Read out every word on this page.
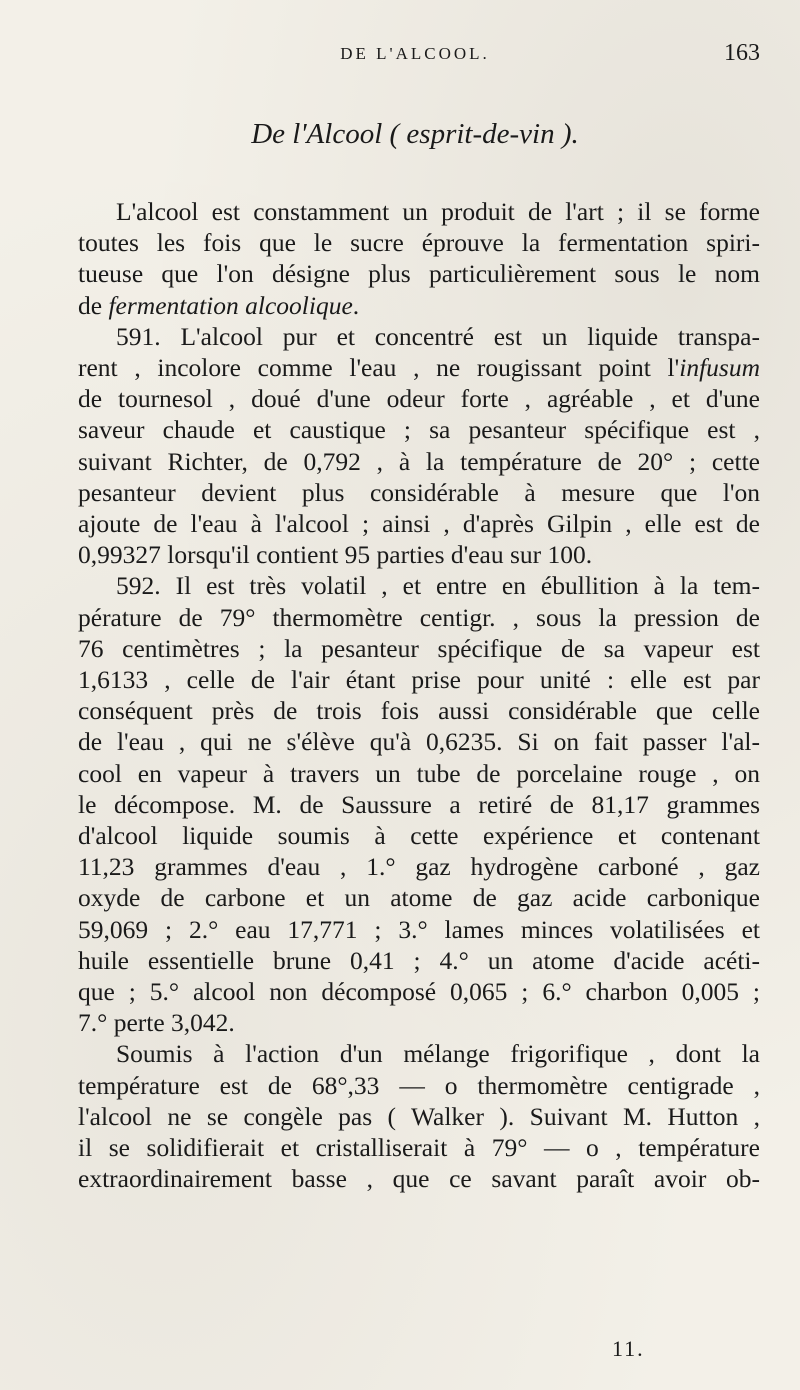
DE L'ALCOOL.	163
De l'Alcool ( esprit-de-vin ).

L'alcool est constamment un produit de l'art ; il se forme
toutes les fois que le sucre éprouve la fermentation spiri-
tueuse que l'on désigne plus particulièrement sous le nom
de fermentation alcoolique.

591. L'alcool pur et concentré est un liquide transpa-
rent , incolore comme l'eau , ne rougissant point l'infusum
de tournesol , doué d'une odeur forte , agréable , et d'une
saveur chaude et caustique ; sa pesanteur spécifique est ,
suivant Richter, de 0,792 , à la température de 20° ; cette
pesanteur devient plus considérable à mesure que l'on
ajoute de l'eau à l'alcool ; ainsi , d'après Gilpin , elle est de
0,99327 lorsqu'il contient 95 parties d'eau sur 100.

592. Il est très volatil , et entre en ébullition à la tem-
pérature de 79° thermomètre centigr. , sous la pression de
76 centimètres ; la pesanteur spécifique de sa vapeur est
1,6133 , celle de l'air étant prise pour unité : elle est par
conséquent près de trois fois aussi considérable que celle
de l'eau , qui ne s'élève qu'à 0,6235. Si on fait passer l'al-
cool en vapeur à travers un tube de porcelaine rouge , on
le décompose. M. de Saussure a retiré de 81,17 grammes
d'alcool liquide soumis à cette expérience et contenant
11,23 grammes d'eau , 1.° gaz hydrogène carboné , gaz
oxyde de carbone et un atome de gaz acide carbonique
59,069 ; 2.° eau 17,771 ; 3.° lames minces volatilisées et
huile essentielle brune 0,41 ; 4.° un atome d'acide acéti-
que ; 5.° alcool non décomposé 0,065 ; 6.° charbon 0,005 ;
7.° perte 3,042.

Soumis à l'action d'un mélange frigorifique , dont la
température est de 68°,33 — o thermomètre centigrade ,
l'alcool ne se congèle pas ( Walker ). Suivant M. Hutton ,
il se solidifierait et cristalliserait à 79° — o , température
extraordinairement basse , que ce savant paraît avoir ob-

11.
